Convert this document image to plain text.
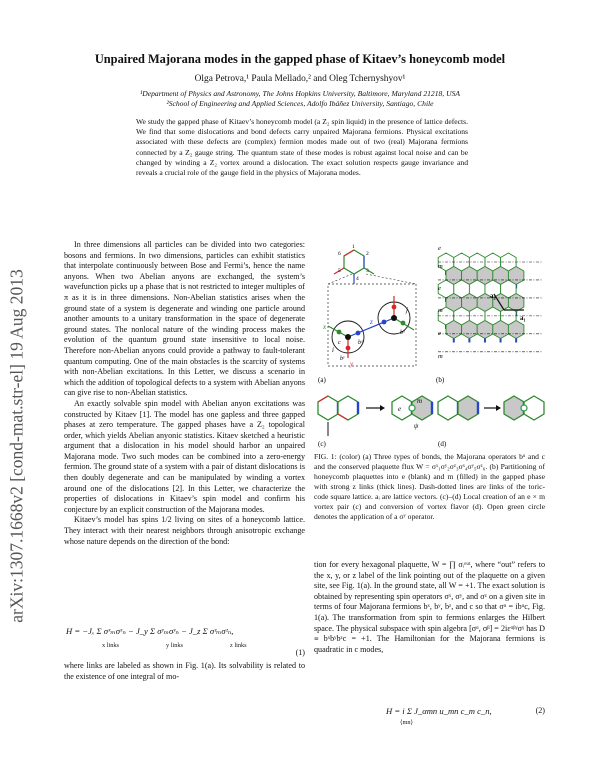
Unpaired Majorana modes in the gapped phase of Kitaev’s honeycomb model
Olga Petrova,¹ Paula Mellado,² and Oleg Tchernyshyov¹
¹Department of Physics and Astronomy, The Johns Hopkins University, Baltimore, Maryland 21218, USA
²School of Engineering and Applied Sciences, Adolfo Ibáñez University, Santiago, Chile
We study the gapped phase of Kitaev’s honeycomb model (a Z₂ spin liquid) in the presence of lattice defects. We find that some dislocations and bond defects carry unpaired Majorana fermions. Physical excitations associated with these defects are (complex) fermion modes made out of two (real) Majorana fermions connected by a Z₂ gauge string. The quantum state of these modes is robust against local noise and can be changed by winding a Z₂ vortex around a dislocation. The exact solution respects gauge invariance and reveals a crucial role of the gauge field in the physics of Majorana modes.
arXiv:1307.1668v2 [cond-mat.str-el] 19 Aug 2013

In three dimensions all particles can be divided into two categories: bosons and fermions. In two dimensions, particles can exhibit statistics that interpolate continuously between Bose and Fermi’s, hence the name anyons. When two Abelian anyons are exchanged, the system’s wavefunction picks up a phase that is not restricted to integer multiples of π as it is in three dimensions. Non-Abelian statistics arises when the ground state of a system is degenerate and winding one particle around another amounts to a unitary transformation in the space of degenerate ground states. The nonlocal nature of the winding process makes the evolution of the quantum ground state insensitive to local noise. Therefore non-Abelian anyons could provide a pathway to fault-tolerant quantum computing. One of the main obstacles is the scarcity of systems with non-Abelian excitations. In this Letter, we discuss a scenario in which the addition of topological defects to a system with Abelian anyons can give rise to non-Abelian statistics.

An exactly solvable spin model with Abelian anyon excitations was constructed by Kitaev [1]. The model has one gapless and three gapped phases at zero temperature. The gapped phases have a Z₂ topological order, which yields Abelian anyonic statistics. Kitaev sketched a heuristic argument that a dislocation in his model should harbor an unpaired Majorana mode. Two such modes can be combined into a zero-energy fermion. The ground state of a system with a pair of distant dislocations is then doubly degenerate and can be manipulated by winding a vortex around one of the dislocations [2]. In this Letter, we characterize the properties of dislocations in Kitaev’s spin model and confirm his conjecture by an explicit construction of the Majorana modes.

Kitaev’s model has spins 1/2 living on sites of a honeycomb lattice. They interact with their nearest neighbors through anisotropic exchange whose nature depends on the direction of the bond:

H = −Jₓ Σ σˣₘσˣₙ − J_y Σ σʸₘσʸₙ − J_z Σ σᶻₘσᶻₙ,
x links	y links	z links
(1)

where links are labeled as shown in Fig. 1(a). Its solvability is related to the existence of one integral of mo-

x
y
z
i
j
c	bᶻ
bʸ
bˣ
1
2
3
4
5
6
(a)
e
m
e
m
e
m
(b)
a₂
a₁
e
m
ψ
(c)	(d)
FIG. 1: (color) (a) Three types of bonds, the Majorana operators bᵅ and c and the conserved plaquette flux W = σˣ₁σʸ₂σᶻ₃σˣ₄σʸ₅σᶻ₆. (b) Partitioning of honeycomb plaquettes into e (blank) and m (filled) in the gapped phase with strong z links (thick lines). Dash-dotted lines are links of the toric-code square lattice. aᵢ are lattice vectors. (c)–(d) Local creation of an e × m vortex pair (c) and conversion of vortex flavor (d). Open green circle denotes the application of a σʸ operator.

tion for every hexagonal plaquette, W = ∏ σᵢᵒᵘᵗ, where “out” refers to the x, y, or z label of the link pointing out of the plaquette on a given site, see Fig. 1(a). In the ground state, all W = +1. The exact solution is obtained by representing spin operators σˣ, σʸ, and σᶻ on a given site in terms of four Majorana fermions bˣ, bʸ, bᶻ, and c so that σᵅ = ibᵅc, Fig. 1(a). The transformation from spin to fermions enlarges the Hilbert space. The physical subspace with spin algebra [σᵅ, σᵝ] = 2iεᵅᵝᵞσᵞ has D ≡ bˣbʸbᶻc = +1. The Hamiltonian for the Majorana fermions is quadratic in c modes,

H = i Σ J_αmn u_mn c_m c_n,
⟨mn⟩
(2)
